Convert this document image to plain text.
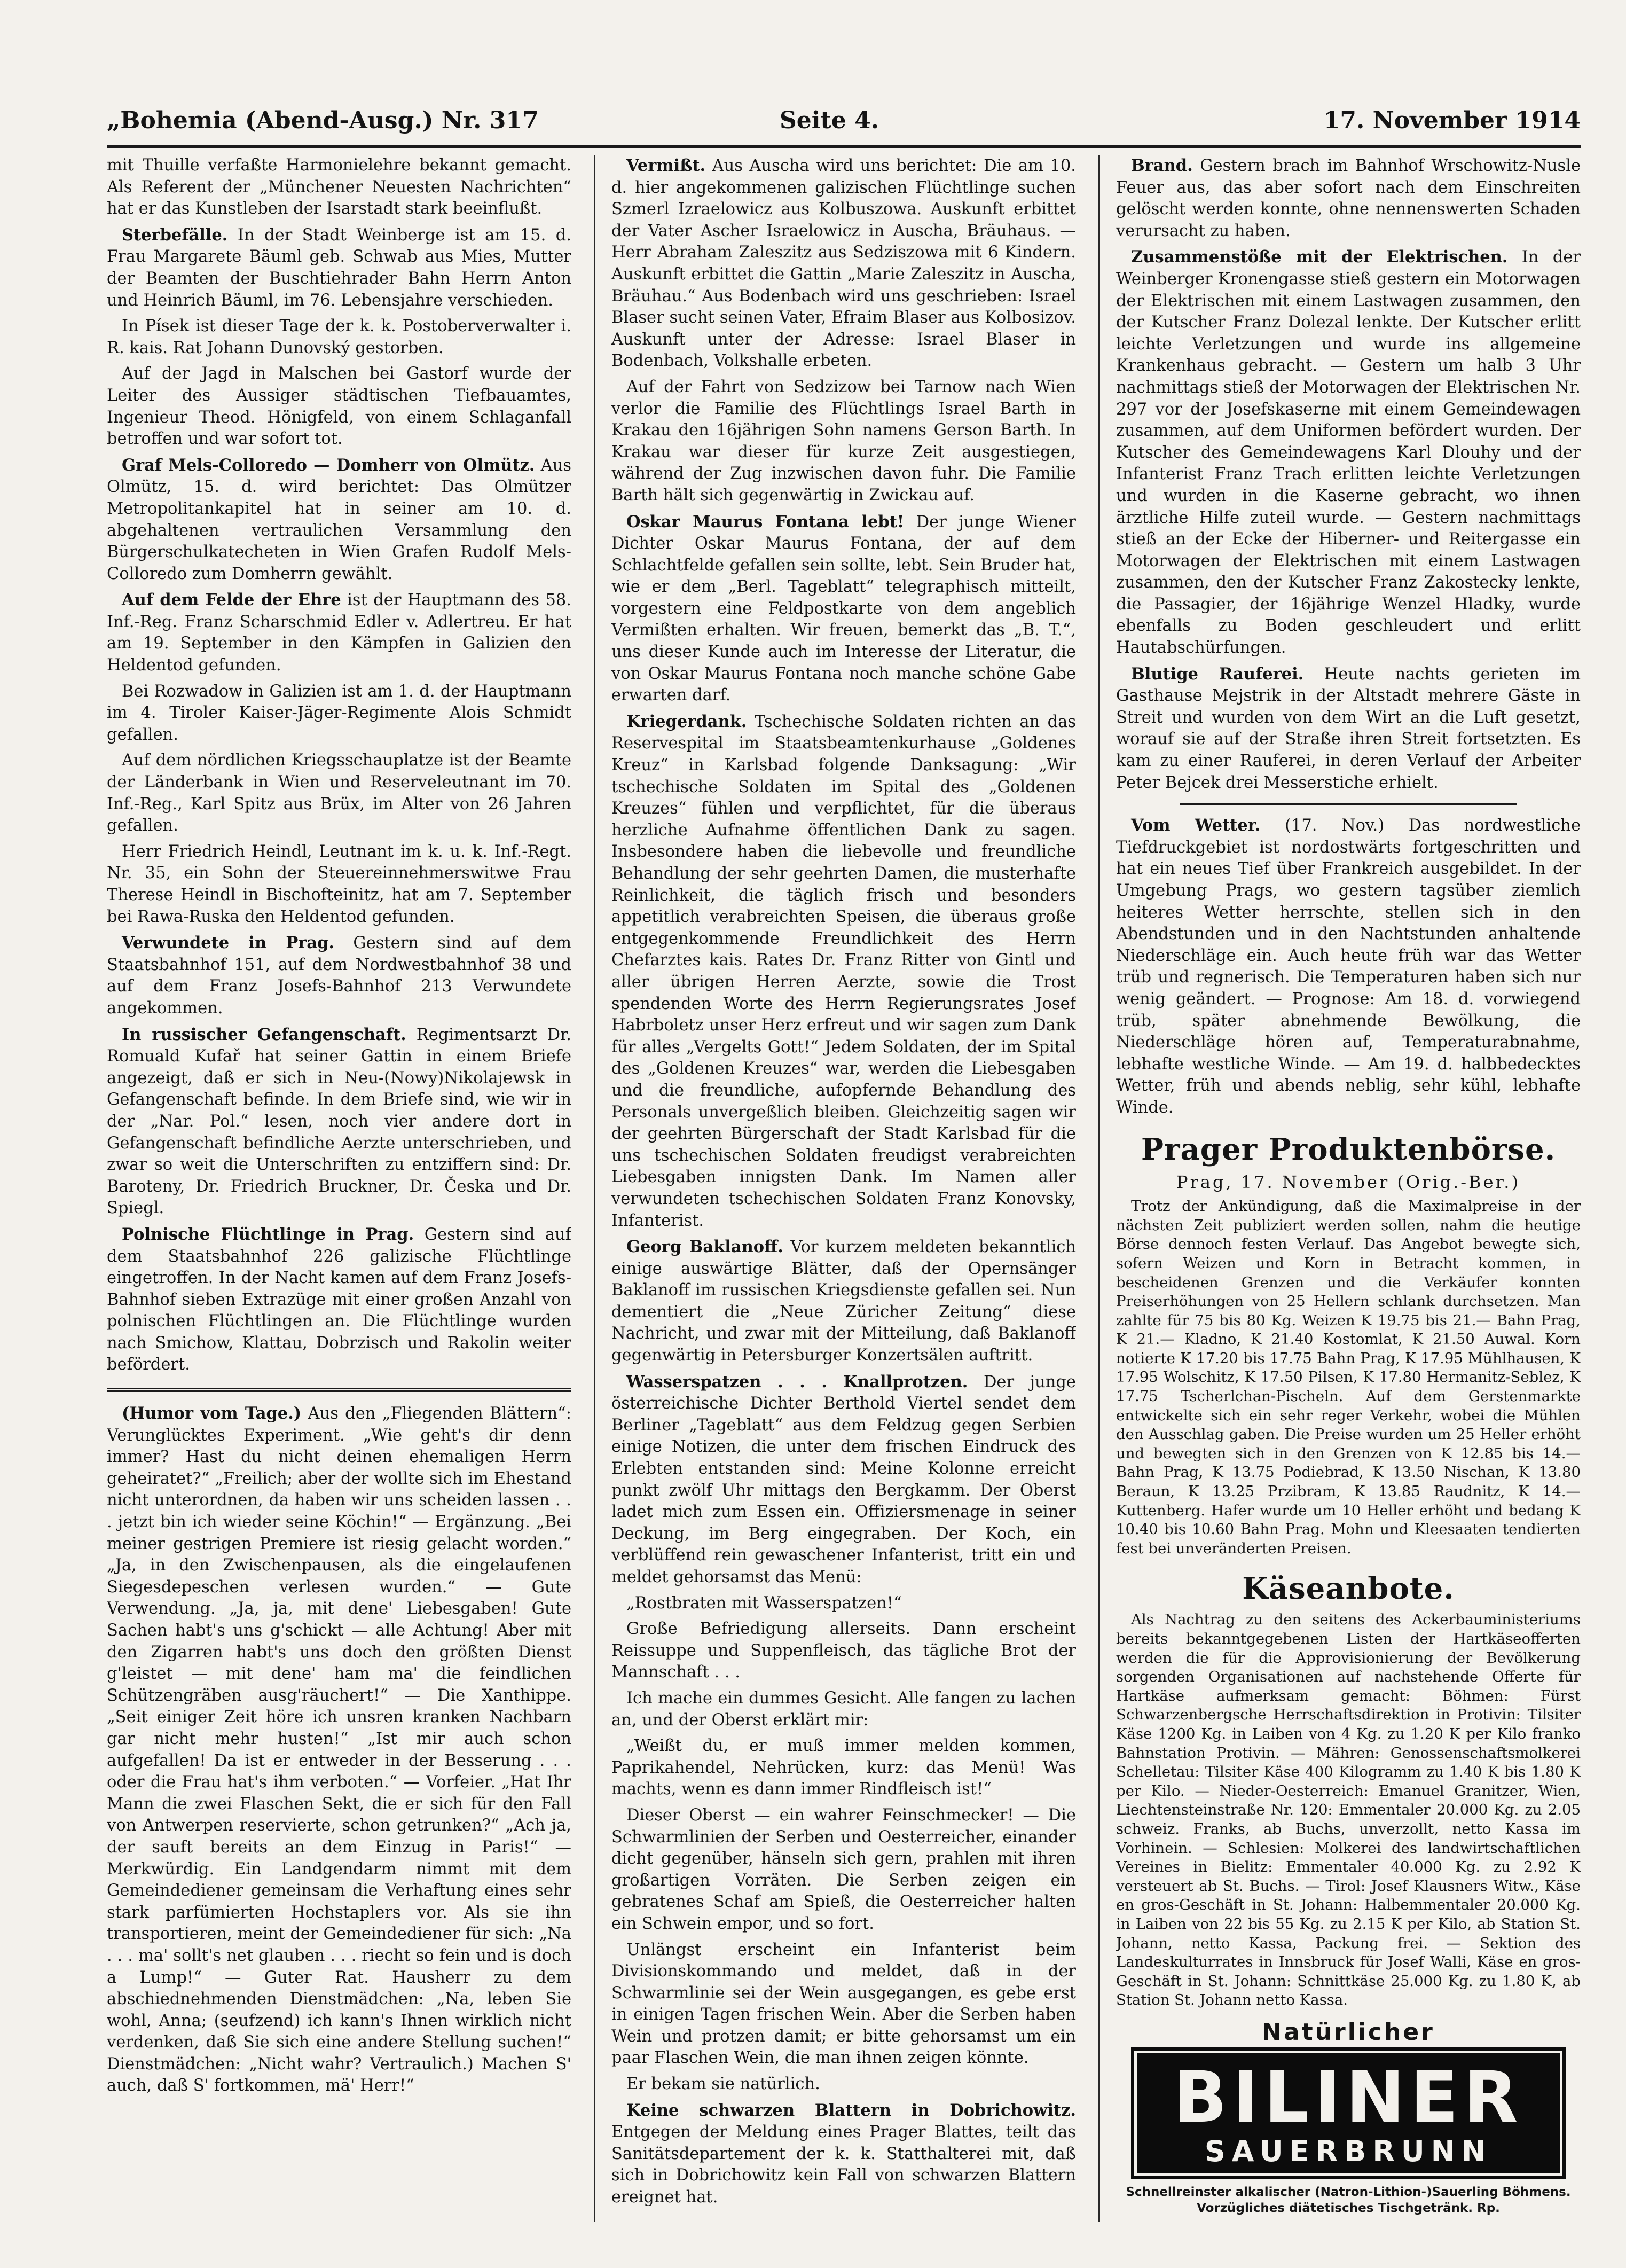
„Bohemia (Abend-Ausg.) Nr. 317	Seite 4.	17. November 1914

mit Thuille verfaßte Harmonielehre bekannt gemacht. Als Referent der „Münchener Neuesten Nachrichten“ hat er das Kunstleben der Isarstadt stark beeinflußt.

Sterbefälle. In der Stadt Weinberge ist am 15. d. Frau Margarete Bäuml geb. Schwab aus Mies, Mutter der Beamten der Buschtiehrader Bahn Herrn Anton und Heinrich Bäuml, im 76. Lebensjahre verschieden.

In Písek ist dieser Tage der k. k. Postoberverwalter i. R. kais. Rat Johann Dunovský gestorben.

Auf der Jagd in Malschen bei Gastorf wurde der Leiter des Aussiger städtischen Tiefbauamtes, Ingenieur Theod. Hönigfeld, von einem Schlaganfall betroffen und war sofort tot.

Graf Mels-Colloredo — Domherr von Olmütz. Aus Olmütz, 15. d. wird berichtet: Das Olmützer Metropolitankapitel hat in seiner am 10. d. abgehaltenen vertraulichen Versammlung den Bürgerschulkatecheten in Wien Grafen Rudolf Mels-Colloredo zum Domherrn gewählt.

Auf dem Felde der Ehre ist der Hauptmann des 58. Inf.-Reg. Franz Scharschmid Edler v. Adlertreu. Er hat am 19. September in den Kämpfen in Galizien den Heldentod gefunden.

Bei Rozwadow in Galizien ist am 1. d. der Hauptmann im 4. Tiroler Kaiser-Jäger-Regimente Alois Schmidt gefallen.

Auf dem nördlichen Kriegsschauplatze ist der Beamte der Länderbank in Wien und Reserveleutnant im 70. Inf.-Reg., Karl Spitz aus Brüx, im Alter von 26 Jahren gefallen.

Herr Friedrich Heindl, Leutnant im k. u. k. Inf.-Regt. Nr. 35, ein Sohn der Steuereinnehmerswitwe Frau Therese Heindl in Bischofteinitz, hat am 7. September bei Rawa-Ruska den Heldentod gefunden.

Verwundete in Prag. Gestern sind auf dem Staatsbahnhof 151, auf dem Nordwestbahnhof 38 und auf dem Franz Josefs-Bahnhof 213 Verwundete angekommen.

In russischer Gefangenschaft. Regimentsarzt Dr. Romuald Kufař hat seiner Gattin in einem Briefe angezeigt, daß er sich in Neu-(Nowy)Nikolajewsk in Gefangenschaft befinde. In dem Briefe sind, wie wir in der „Nar. Pol.“ lesen, noch vier andere dort in Gefangenschaft befindliche Aerzte unterschrieben, und zwar so weit die Unterschriften zu entziffern sind: Dr. Baroteny, Dr. Friedrich Bruckner, Dr. Česka und Dr. Spiegl.

Polnische Flüchtlinge in Prag. Gestern sind auf dem Staatsbahnhof 226 galizische Flüchtlinge eingetroffen. In der Nacht kamen auf dem Franz Josefs-Bahnhof sieben Extrazüge mit einer großen Anzahl von polnischen Flüchtlingen an. Die Flüchtlinge wurden nach Smichow, Klattau, Dobrzisch und Rakolin weiter befördert.

(Humor vom Tage.) Aus den „Fliegenden Blättern“: Verunglücktes Experiment. „Wie geht's dir denn immer? Hast du nicht deinen ehemaligen Herrn geheiratet?“ „Freilich; aber der wollte sich im Ehestand nicht unterordnen, da haben wir uns scheiden lassen . . . jetzt bin ich wieder seine Köchin!“ — Ergänzung. „Bei meiner gestrigen Premiere ist riesig gelacht worden.“ „Ja, in den Zwischenpausen, als die eingelaufenen Siegesdepeschen verlesen wurden.“ — Gute Verwendung. „Ja, ja, mit dene' Liebesgaben! Gute Sachen habt's uns g'schickt — alle Achtung! Aber mit den Zigarren habt's uns doch den größten Dienst g'leistet — mit dene' ham ma' die feindlichen Schützengräben ausg'räuchert!“ — Die Xanthippe. „Seit einiger Zeit höre ich unsren kranken Nachbarn gar nicht mehr husten!“ „Ist mir auch schon aufgefallen! Da ist er entweder in der Besserung . . . oder die Frau hat's ihm verboten.“ — Vorfeier. „Hat Ihr Mann die zwei Flaschen Sekt, die er sich für den Fall von Antwerpen reservierte, schon getrunken?“ „Ach ja, der sauft bereits an dem Einzug in Paris!“ — Merkwürdig. Ein Landgendarm nimmt mit dem Gemeindediener gemeinsam die Verhaftung eines sehr stark parfümierten Hochstaplers vor. Als sie ihn transportieren, meint der Gemeindediener für sich: „Na . . . ma' sollt's net glauben . . . riecht so fein und is doch a Lump!“ — Guter Rat. Hausherr zu dem abschiednehmenden Dienstmädchen: „Na, leben Sie wohl, Anna; (seufzend) ich kann's Ihnen wirklich nicht verdenken, daß Sie sich eine andere Stellung suchen!“ Dienstmädchen: „Nicht wahr? Vertraulich.) Machen S' auch, daß S' fortkommen, mä' Herr!“

Vermißt. Aus Auscha wird uns berichtet: Die am 10. d. hier angekommenen galizischen Flüchtlinge suchen Szmerl Izraelowicz aus Kolbuszowa. Auskunft erbittet der Vater Ascher Israelowicz in Auscha, Bräuhaus. — Herr Abraham Zaleszitz aus Sedziszowa mit 6 Kindern. Auskunft erbittet die Gattin „Marie Zaleszitz in Auscha, Bräuhau.“ Aus Bodenbach wird uns geschrieben: Israel Blaser sucht seinen Vater, Efraim Blaser aus Kolbosizov. Auskunft unter der Adresse: Israel Blaser in Bodenbach, Volkshalle erbeten.

Auf der Fahrt von Sedzizow bei Tarnow nach Wien verlor die Familie des Flüchtlings Israel Barth in Krakau den 16jährigen Sohn namens Gerson Barth. In Krakau war dieser für kurze Zeit ausgestiegen, während der Zug inzwischen davon fuhr. Die Familie Barth hält sich gegenwärtig in Zwickau auf.

Oskar Maurus Fontana lebt! Der junge Wiener Dichter Oskar Maurus Fontana, der auf dem Schlachtfelde gefallen sein sollte, lebt. Sein Bruder hat, wie er dem „Berl. Tageblatt“ telegraphisch mitteilt, vorgestern eine Feldpostkarte von dem angeblich Vermißten erhalten. Wir freuen, bemerkt das „B. T.“, uns dieser Kunde auch im Interesse der Literatur, die von Oskar Maurus Fontana noch manche schöne Gabe erwarten darf.

Kriegerdank. Tschechische Soldaten richten an das Reservespital im Staatsbeamtenkurhause „Goldenes Kreuz“ in Karlsbad folgende Danksagung: „Wir tschechische Soldaten im Spital des „Goldenen Kreuzes“ fühlen und verpflichtet, für die überaus herzliche Aufnahme öffentlichen Dank zu sagen. Insbesondere haben die liebevolle und freundliche Behandlung der sehr geehrten Damen, die musterhafte Reinlichkeit, die täglich frisch und besonders appetitlich verabreichten Speisen, die überaus große entgegenkommende Freundlichkeit des Herrn Chefarztes kais. Rates Dr. Franz Ritter von Gintl und aller übrigen Herren Aerzte, sowie die Trost spendenden Worte des Herrn Regierungsrates Josef Habrboletz unser Herz erfreut und wir sagen zum Dank für alles „Vergelts Gott!“ Jedem Soldaten, der im Spital des „Goldenen Kreuzes“ war, werden die Liebesgaben und die freundliche, aufopfernde Behandlung des Personals unvergeßlich bleiben. Gleichzeitig sagen wir der geehrten Bürgerschaft der Stadt Karlsbad für die uns tschechischen Soldaten freudigst verabreichten Liebesgaben innigsten Dank. Im Namen aller verwundeten tschechischen Soldaten Franz Konovsky, Infanterist.

Georg Baklanoff. Vor kurzem meldeten bekanntlich einige auswärtige Blätter, daß der Opernsänger Baklanoff im russischen Kriegsdienste gefallen sei. Nun dementiert die „Neue Züricher Zeitung“ diese Nachricht, und zwar mit der Mitteilung, daß Baklanoff gegenwärtig in Petersburger Konzertsälen auftritt.

Wasserspatzen . . . Knallprotzen. Der junge österreichische Dichter Berthold Viertel sendet dem Berliner „Tageblatt“ aus dem Feldzug gegen Serbien einige Notizen, die unter dem frischen Eindruck des Erlebten entstanden sind: Meine Kolonne erreicht punkt zwölf Uhr mittags den Bergkamm. Der Oberst ladet mich zum Essen ein. Offiziersmenage in seiner Deckung, im Berg eingegraben. Der Koch, ein verblüffend rein gewaschener Infanterist, tritt ein und meldet gehorsamst das Menü:

„Rostbraten mit Wasserspatzen!“

Große Befriedigung allerseits. Dann erscheint Reissuppe und Suppenfleisch, das tägliche Brot der Mannschaft . . .

Ich mache ein dummes Gesicht. Alle fangen zu lachen an, und der Oberst erklärt mir:

„Weißt du, er muß immer melden kommen, Paprikahendel, Nehrücken, kurz: das Menü! Was machts, wenn es dann immer Rindfleisch ist!“

Dieser Oberst — ein wahrer Feinschmecker! — Die Schwarmlinien der Serben und Oesterreicher, einander dicht gegenüber, hänseln sich gern, prahlen mit ihren großartigen Vorräten. Die Serben zeigen ein gebratenes Schaf am Spieß, die Oesterreicher halten ein Schwein empor, und so fort.

Unlängst erscheint ein Infanterist beim Divisionskommando und meldet, daß in der Schwarmlinie sei der Wein ausgegangen, es gebe erst in einigen Tagen frischen Wein. Aber die Serben haben Wein und protzen damit; er bitte gehorsamst um ein paar Flaschen Wein, die man ihnen zeigen könnte.

Er bekam sie natürlich.

Keine schwarzen Blattern in Dobrichowitz. Entgegen der Meldung eines Prager Blattes, teilt das Sanitätsdepartement der k. k. Statthalterei mit, daß sich in Dobrichowitz kein Fall von schwarzen Blattern ereignet hat.

Brand. Gestern brach im Bahnhof Wrschowitz-Nusle Feuer aus, das aber sofort nach dem Einschreiten gelöscht werden konnte, ohne nennenswerten Schaden verursacht zu haben.

Zusammenstöße mit der Elektrischen. In der Weinberger Kronengasse stieß gestern ein Motorwagen der Elektrischen mit einem Lastwagen zusammen, den der Kutscher Franz Dolezal lenkte. Der Kutscher erlitt leichte Verletzungen und wurde ins allgemeine Krankenhaus gebracht. — Gestern um halb 3 Uhr nachmittags stieß der Motorwagen der Elektrischen Nr. 297 vor der Josefskaserne mit einem Gemeindewagen zusammen, auf dem Uniformen befördert wurden. Der Kutscher des Gemeindewagens Karl Dlouhy und der Infanterist Franz Trach erlitten leichte Verletzungen und wurden in die Kaserne gebracht, wo ihnen ärztliche Hilfe zuteil wurde. — Gestern nachmittags stieß an der Ecke der Hiberner- und Reitergasse ein Motorwagen der Elektrischen mit einem Lastwagen zusammen, den der Kutscher Franz Zakostecky lenkte, die Passagier, der 16jährige Wenzel Hladky, wurde ebenfalls zu Boden geschleudert und erlitt Hautabschürfungen.

Blutige Rauferei. Heute nachts gerieten im Gasthause Mejstrik in der Altstadt mehrere Gäste in Streit und wurden von dem Wirt an die Luft gesetzt, worauf sie auf der Straße ihren Streit fortsetzten. Es kam zu einer Rauferei, in deren Verlauf der Arbeiter Peter Bejcek drei Messerstiche erhielt.

Vom Wetter. (17. Nov.) Das nordwestliche Tiefdruckgebiet ist nordostwärts fortgeschritten und hat ein neues Tief über Frankreich ausgebildet. In der Umgebung Prags, wo gestern tagsüber ziemlich heiteres Wetter herrschte, stellen sich in den Abendstunden und in den Nachtstunden anhaltende Niederschläge ein. Auch heute früh war das Wetter trüb und regnerisch. Die Temperaturen haben sich nur wenig geändert. — Prognose: Am 18. d. vorwiegend trüb, später abnehmende Bewölkung, die Niederschläge hören auf, Temperaturabnahme, lebhafte westliche Winde. — Am 19. d. halbbedecktes Wetter, früh und abends neblig, sehr kühl, lebhafte Winde.

Prager Produktenbörse.
Prag, 17. November (Orig.-Ber.)

Trotz der Ankündigung, daß die Maximalpreise in der nächsten Zeit publiziert werden sollen, nahm die heutige Börse dennoch festen Verlauf. Das Angebot bewegte sich, sofern Weizen und Korn in Betracht kommen, in bescheidenen Grenzen und die Verkäufer konnten Preiserhöhungen von 25 Hellern schlank durchsetzen. Man zahlte für 75 bis 80 Kg. Weizen K 19.75 bis 21.— Bahn Prag, K 21.— Kladno, K 21.40 Kostomlat, K 21.50 Auwal. Korn notierte K 17.20 bis 17.75 Bahn Prag, K 17.95 Mühlhausen, K 17.95 Wolschitz, K 17.50 Pilsen, K 17.80 Hermanitz-Seblez, K 17.75 Tscherlchan-Pischeln. Auf dem Gerstenmarkte entwickelte sich ein sehr reger Verkehr, wobei die Mühlen den Ausschlag gaben. Die Preise wurden um 25 Heller erhöht und bewegten sich in den Grenzen von K 12.85 bis 14.— Bahn Prag, K 13.75 Podiebrad, K 13.50 Nischan, K 13.80 Beraun, K 13.25 Przibram, K 13.85 Raudnitz, K 14.— Kuttenberg. Hafer wurde um 10 Heller erhöht und bedang K 10.40 bis 10.60 Bahn Prag. Mohn und Kleesaaten tendierten fest bei unveränderten Preisen.

Käseanbote.

Als Nachtrag zu den seitens des Ackerbauministeriums bereits bekanntgegebenen Listen der Hartkäseofferten werden die für die Approvisionierung der Bevölkerung sorgenden Organisationen auf nachstehende Offerte für Hartkäse aufmerksam gemacht: Böhmen: Fürst Schwarzenbergsche Herrschaftsdirektion in Protivin: Tilsiter Käse 1200 Kg. in Laiben von 4 Kg. zu 1.20 K per Kilo franko Bahnstation Protivin. — Mähren: Genossenschaftsmolkerei Schelletau: Tilsiter Käse 400 Kilogramm zu 1.40 K bis 1.80 K per Kilo. — Nieder-Oesterreich: Emanuel Granitzer, Wien, Liechtensteinstraße Nr. 120: Emmentaler 20.000 Kg. zu 2.05 schweiz. Franks, ab Buchs, unverzollt, netto Kassa im Vorhinein. — Schlesien: Molkerei des landwirtschaftlichen Vereines in Bielitz: Emmentaler 40.000 Kg. zu 2.92 K versteuert ab St. Buchs. — Tirol: Josef Klausners Witw., Käse en gros-Geschäft in St. Johann: Halbemmentaler 20.000 Kg. in Laiben von 22 bis 55 Kg. zu 2.15 K per Kilo, ab Station St. Johann, netto Kassa, Packung frei. — Sektion des Landeskulturrates in Innsbruck für Josef Walli, Käse en gros-Geschäft in St. Johann: Schnittkäse 25.000 Kg. zu 1.80 K, ab Station St. Johann netto Kassa.

Natürlicher
BILINER
SAUERBRUNN
Schnellreinster alkalischer (Natron-Lithion-)Sauerling Böhmens. Vorzügliches diätetisches Tischgetränk. Rp.
